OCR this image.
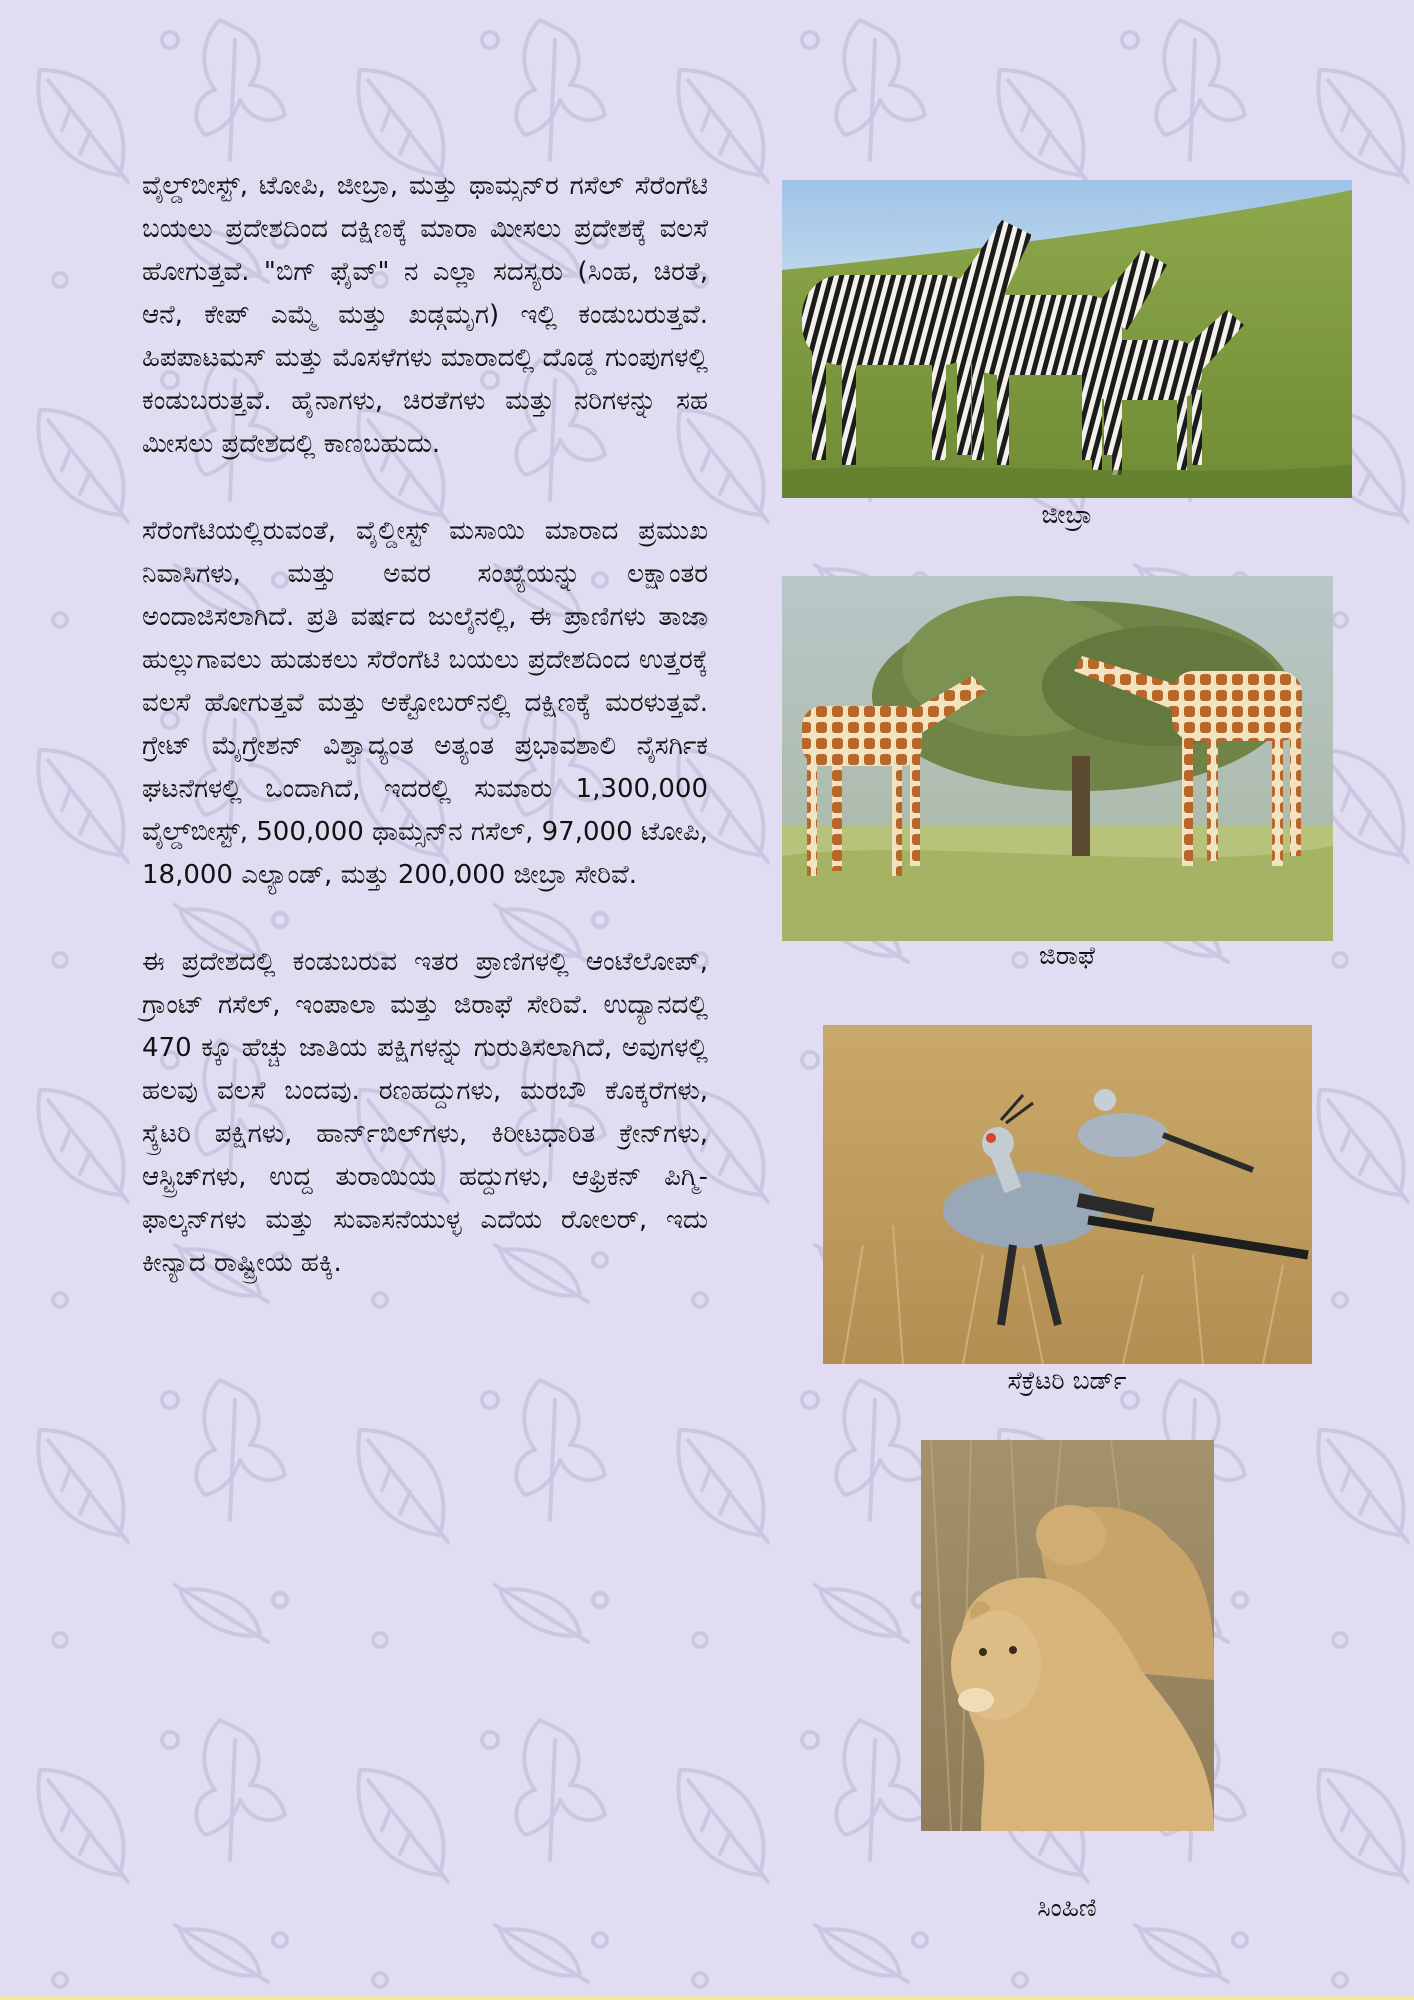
ವೈಲ್ಡ್‌ಬೀಸ್ಟ್, ಟೋಪಿ, ಜೀಬ್ರಾ, ಮತ್ತು ಥಾಮ್ಸನ್‌ರ ಗಸೆಲ್ ಸೆರೆಂಗೆಟಿ ಬಯಲು ಪ್ರದೇಶದಿಂದ ದಕ್ಷಿಣಕ್ಕೆ ಮಾರಾ ಮೀಸಲು ಪ್ರದೇಶಕ್ಕೆ ವಲಸೆ ಹೋಗುತ್ತವೆ. "ಬಿಗ್ ಫೈವ್" ನ ಎಲ್ಲಾ ಸದಸ್ಯರು (ಸಿಂಹ, ಚಿರತೆ, ಆನೆ, ಕೇಪ್ ಎಮ್ಮೆ ಮತ್ತು ಖಡ್ಗಮೃಗ) ಇಲ್ಲಿ ಕಂಡುಬರುತ್ತವೆ. ಹಿಪಪಾಟಮಸ್ ಮತ್ತು ಮೊಸಳೆಗಳು ಮಾರಾದಲ್ಲಿ ದೊಡ್ಡ ಗುಂಪುಗಳಲ್ಲಿ ಕಂಡುಬರುತ್ತವೆ. ಹೈನಾಗಳು, ಚಿರತೆಗಳು ಮತ್ತು ನರಿಗಳನ್ನು ಸಹ ಮೀಸಲು ಪ್ರದೇಶದಲ್ಲಿ ಕಾಣಬಹುದು.

ಸೆರೆಂಗೆಟಿಯಲ್ಲಿರುವಂತೆ, ವೈಲ್ಡೀಸ್ಟ್ ಮಸಾಯಿ ಮಾರಾದ ಪ್ರಮುಖ ನಿವಾಸಿಗಳು, ಮತ್ತು ಅವರ ಸಂಖ್ಯೆಯನ್ನು ಲಕ್ಷಾಂತರ ಅಂದಾಜಿಸಲಾಗಿದೆ. ಪ್ರತಿ ವರ್ಷದ ಜುಲೈನಲ್ಲಿ, ಈ ಪ್ರಾಣಿಗಳು ತಾಜಾ ಹುಲ್ಲುಗಾವಲು ಹುಡುಕಲು ಸೆರೆಂಗೆಟಿ ಬಯಲು ಪ್ರದೇಶದಿಂದ ಉತ್ತರಕ್ಕೆ ವಲಸೆ ಹೋಗುತ್ತವೆ ಮತ್ತು ಅಕ್ಟೋಬರ್‌ನಲ್ಲಿ ದಕ್ಷಿಣಕ್ಕೆ ಮರಳುತ್ತವೆ. ಗ್ರೇಟ್ ಮೈಗ್ರೇಶನ್ ವಿಶ್ವಾದ್ಯಂತ ಅತ್ಯಂತ ಪ್ರಭಾವಶಾಲಿ ನೈಸರ್ಗಿಕ ಘಟನೆಗಳಲ್ಲಿ ಒಂದಾಗಿದೆ, ಇದರಲ್ಲಿ ಸುಮಾರು 1,300,000 ವೈಲ್ಡ್‌ಬೀಸ್ಟ್, 500,000 ಥಾಮ್ಸನ್‌ನ ಗಸೆಲ್, 97,000 ಟೋಪಿ, 18,000 ಎಲ್ಯಾಂಡ್, ಮತ್ತು 200,000 ಜೀಬ್ರಾ ಸೇರಿವೆ.

ಈ ಪ್ರದೇಶದಲ್ಲಿ ಕಂಡುಬರುವ ಇತರ ಪ್ರಾಣಿಗಳಲ್ಲಿ ಆಂಟೆಲೋಪ್, ಗ್ರಾಂಟ್ ಗಸೆಲ್, ಇಂಪಾಲಾ ಮತ್ತು ಜಿರಾಫೆ ಸೇರಿವೆ. ಉದ್ಯಾನದಲ್ಲಿ 470 ಕ್ಕೂ ಹೆಚ್ಚು ಜಾತಿಯ ಪಕ್ಷಿಗಳನ್ನು ಗುರುತಿಸಲಾಗಿದೆ, ಅವುಗಳಲ್ಲಿ ಹಲವು ವಲಸೆ ಬಂದವು. ರಣಹದ್ದುಗಳು, ಮರಬೌ ಕೊಕ್ಕರೆಗಳು, ಸ್ಕ್ರೆಟರಿ ಪಕ್ಷಿಗಳು, ಹಾರ್ನ್‌ಬಿಲ್‌ಗಳು, ಕಿರೀಟಧಾರಿತ ಕ್ರೇನ್‌ಗಳು, ಆಸ್ಟ್ರಿಚ್‌ಗಳು, ಉದ್ದ ತುರಾಯಿಯ ಹದ್ದುಗಳು, ಆಫ್ರಿಕನ್ ಪಿಗ್ಮಿ-ಫಾಲ್ಕನ್‌ಗಳು ಮತ್ತು ಸುವಾಸನೆಯುಳ್ಳ ಎದೆಯ ರೋಲರ್, ಇದು ಕೀನ್ಯಾದ ರಾಷ್ಟ್ರೀಯ ಹಕ್ಕಿ.

ಜೀಬ್ರಾ
ಜಿರಾಫೆ
ಸೆಕ್ರೆಟರಿ ಬರ್ಡ್
ಸಿಂಹಿಣಿ
